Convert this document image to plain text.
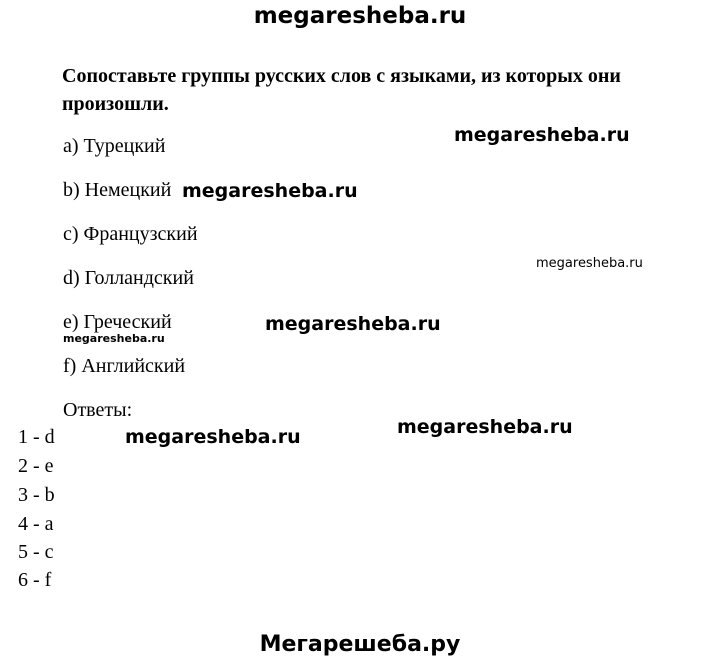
megaresheba.ru
Сопоставьте группы русских слов с языками, из которых они произошли.
a) Турецкий
b) Немецкий
c) Французский
d) Голландский
e) Греческий
f) Английский
Ответы:
1 - d
2 - e
3 - b
4 - a
5 - c
6 - f
megaresheba.ru
megaresheba.ru
megaresheba.ru
megaresheba.ru
megaresheba.ru
megaresheba.ru
megaresheba.ru
Мегарешеба.ру
